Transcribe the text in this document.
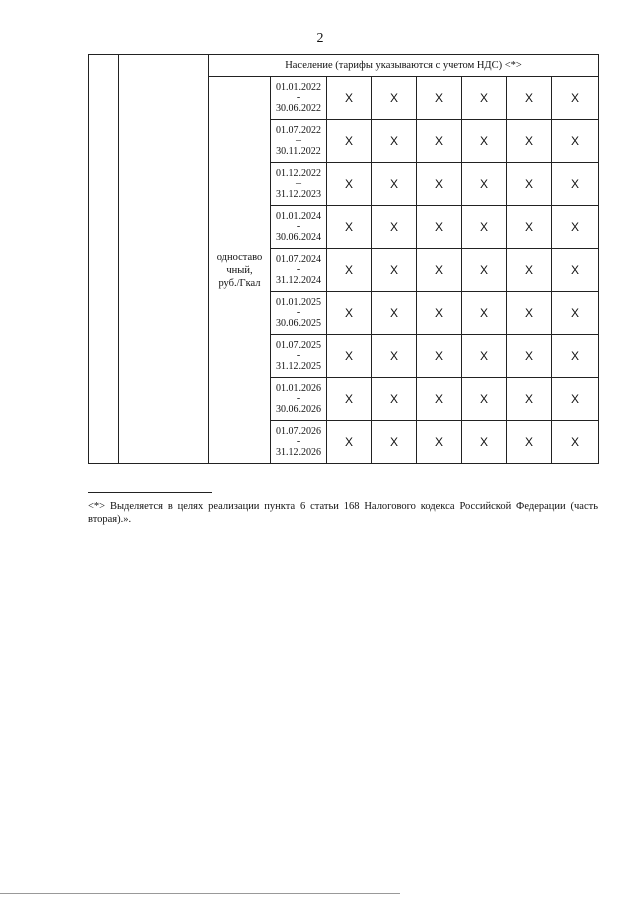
2
		Население (тарифы указываются с учетом НДС) <*>							
		одноставо
чный,
руб./Гкал	01.01.2022
-
30.06.2022	Х	Х	Х	Х	Х	Х

			01.07.2022
–
30.11.2022	Х	Х	Х	Х	Х	Х

			01.12.2022
–
31.12.2023	Х	Х	Х	Х	Х	Х

			01.01.2024
-
30.06.2024	Х	Х	Х	Х	Х	Х

			01.07.2024
-
31.12.2024	Х	Х	Х	Х	Х	Х

			01.01.2025
-
30.06.2025	Х	Х	Х	Х	Х	Х

			01.07.2025
-
31.12.2025	Х	Х	Х	Х	Х	Х

			01.01.2026
-
30.06.2026	Х	Х	Х	Х	Х	Х

			01.07.2026
-
31.12.2026	Х	Х	Х	Х	Х	Х
<*> Выделяется в целях реализации пункта 6 статьи 168 Налогового кодекса Российской Федерации (часть вторая).».
